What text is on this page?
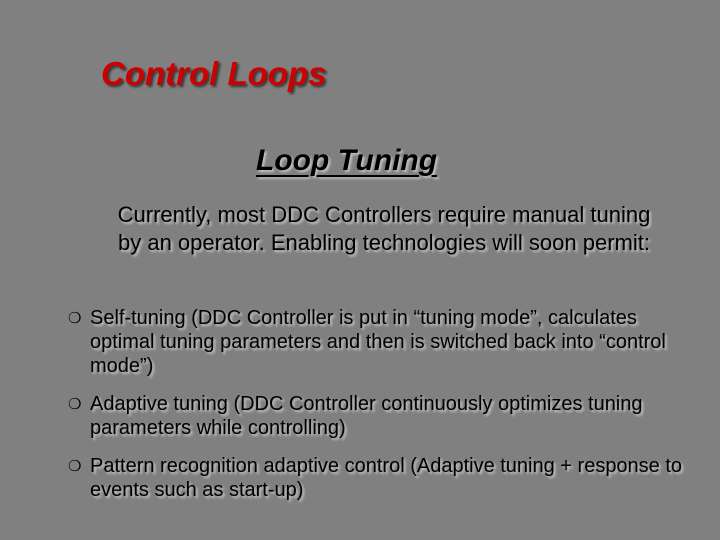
Control Loops
Loop Tuning

Currently, most DDC Controllers require manual tuning by an operator. Enabling technologies will soon permit:

❍ Self-tuning (DDC Controller is put in “tuning mode”, calculates optimal tuning parameters and then is switched back into “control mode”)
❍ Adaptive tuning (DDC Controller continuously optimizes tuning parameters while controlling)
❍ Pattern recognition adaptive control (Adaptive tuning + response to events such as start-up)
